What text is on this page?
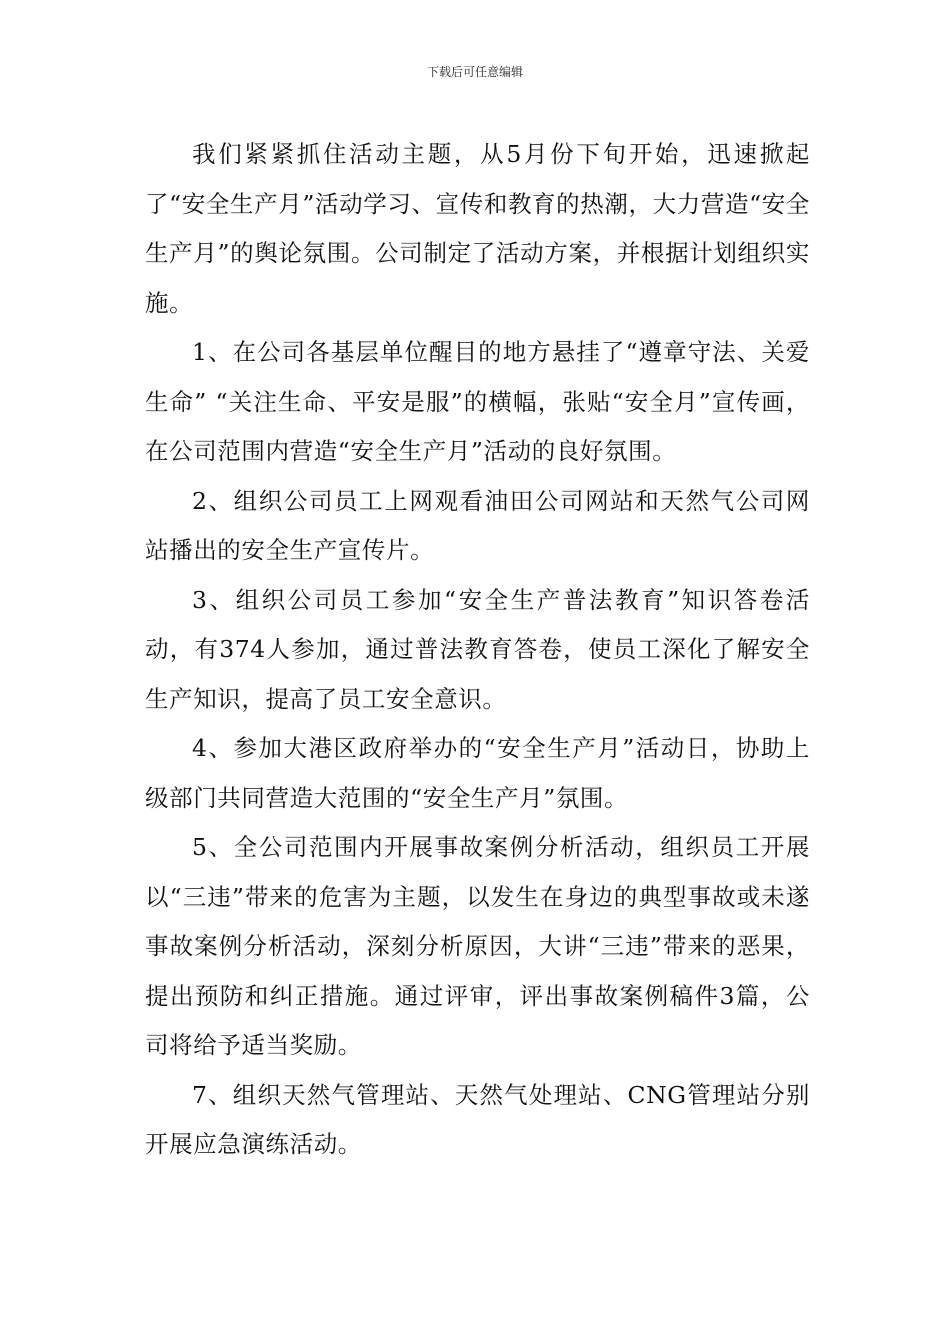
下载后可任意编辑

我们紧紧抓住活动主题，从5月份下旬开始，迅速掀起了“安全生产月”活动学习、宣传和教育的热潮，大力营造“安全生产月”的舆论氛围。公司制定了活动方案，并根据计划组织实施。

1、在公司各基层单位醒目的地方悬挂了“遵章守法、关爱生命” “关注生命、平安是服”的横幅，张贴“安全月”宣传画，在公司范围内营造“安全生产月”活动的良好氛围。

2、组织公司员工上网观看油田公司网站和天然气公司网站播出的安全生产宣传片。

3、组织公司员工参加“安全生产普法教育”知识答卷活动，有374人参加，通过普法教育答卷，使员工深化了解安全生产知识，提高了员工安全意识。

4、参加大港区政府举办的“安全生产月”活动日，协助上级部门共同营造大范围的“安全生产月”氛围。

5、全公司范围内开展事故案例分析活动，组织员工开展以“三违”带来的危害为主题，以发生在身边的典型事故或未遂事故案例分析活动，深刻分析原因，大讲“三违”带来的恶果，提出预防和纠正措施。通过评审，评出事故案例稿件3篇，公司将给予适当奖励。

7、组织天然气管理站、天然气处理站、CNG管理站分别开展应急演练活动。
